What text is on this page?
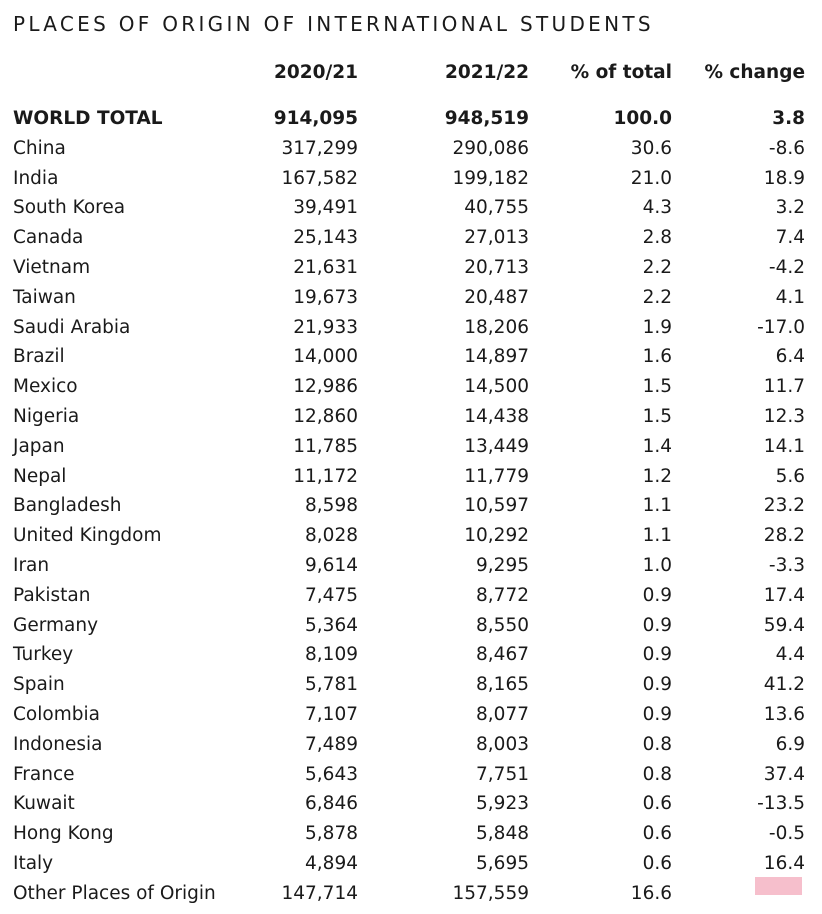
PLACES OF ORIGIN OF INTERNATIONAL STUDENTS
	2020/21	2021/22	% of total	% change

WORLD TOTAL	914,095	948,519	100.0	3.8
China	317,299	290,086	30.6	-8.6
India	167,582	199,182	21.0	18.9
South Korea	39,491	40,755	4.3	3.2
Canada	25,143	27,013	2.8	7.4
Vietnam	21,631	20,713	2.2	-4.2
Taiwan	19,673	20,487	2.2	4.1
Saudi Arabia	21,933	18,206	1.9	-17.0
Brazil	14,000	14,897	1.6	6.4
Mexico	12,986	14,500	1.5	11.7
Nigeria	12,860	14,438	1.5	12.3
Japan	11,785	13,449	1.4	14.1
Nepal	11,172	11,779	1.2	5.6
Bangladesh	8,598	10,597	1.1	23.2
United Kingdom	8,028	10,292	1.1	28.2
Iran	9,614	9,295	1.0	-3.3
Pakistan	7,475	8,772	0.9	17.4
Germany	5,364	8,550	0.9	59.4
Turkey	8,109	8,467	0.9	4.4
Spain	5,781	8,165	0.9	41.2
Colombia	7,107	8,077	0.9	13.6
Indonesia	7,489	8,003	0.8	6.9
France	5,643	7,751	0.8	37.4
Kuwait	6,846	5,923	0.6	-13.5
Hong Kong	5,878	5,848	0.6	-0.5
Italy	4,894	5,695	0.6	16.4
Other Places of Origin	147,714	157,559	16.6	
